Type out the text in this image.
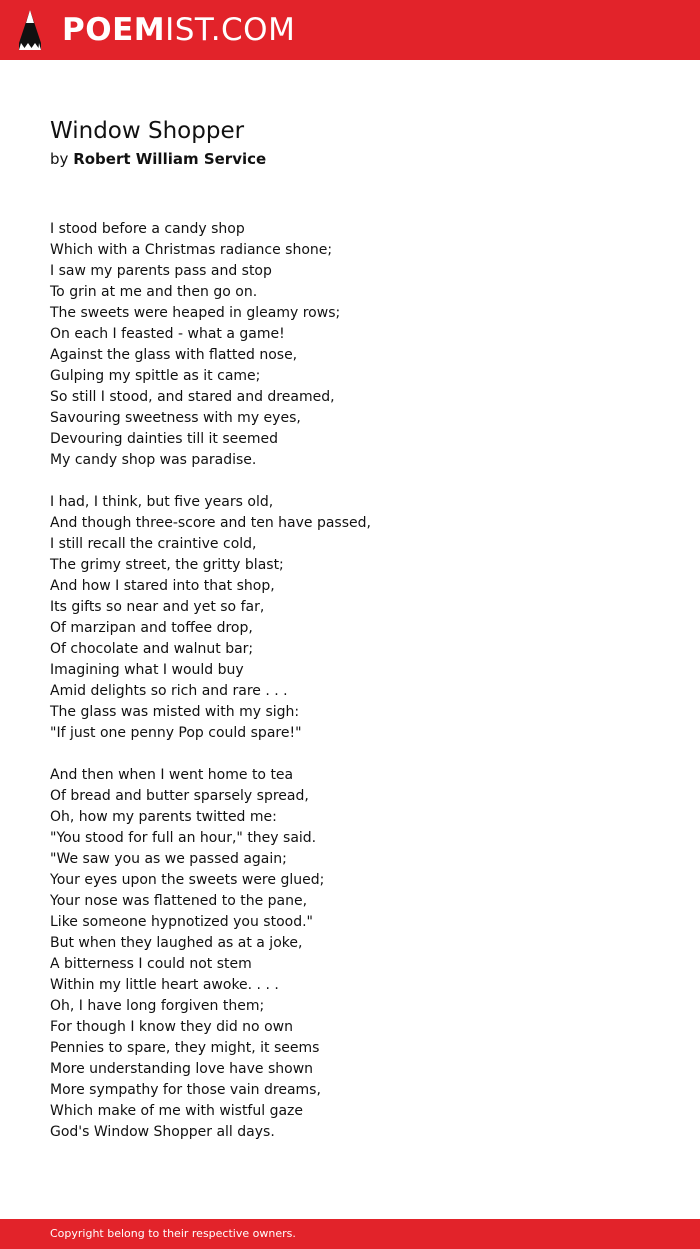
POEMIST.COM
Window Shopper
by Robert William Service
I stood before a candy shop
Which with a Christmas radiance shone;
I saw my parents pass and stop
To grin at me and then go on.
The sweets were heaped in gleamy rows;
On each I feasted - what a game!
Against the glass with flatted nose,
Gulping my spittle as it came;
So still I stood, and stared and dreamed,
Savouring sweetness with my eyes,
Devouring dainties till it seemed
My candy shop was paradise.
I had, I think, but five years old,
And though three-score and ten have passed,
I still recall the craintive cold,
The grimy street, the gritty blast;
And how I stared into that shop,
Its gifts so near and yet so far,
Of marzipan and toffee drop,
Of chocolate and walnut bar;
Imagining what I would buy
Amid delights so rich and rare . . .
The glass was misted with my sigh:
"If just one penny Pop could spare!"
And then when I went home to tea
Of bread and butter sparsely spread,
Oh, how my parents twitted me:
"You stood for full an hour," they said.
"We saw you as we passed again;
Your eyes upon the sweets were glued;
Your nose was flattened to the pane,
Like someone hypnotized you stood."
But when they laughed as at a joke,
A bitterness I could not stem
Within my little heart awoke. . . .
Oh, I have long forgiven them;
For though I know they did no own
Pennies to spare, they might, it seems
More understanding love have shown
More sympathy for those vain dreams,
Which make of me with wistful gaze
God's Window Shopper all days.
Copyright belong to their respective owners.
